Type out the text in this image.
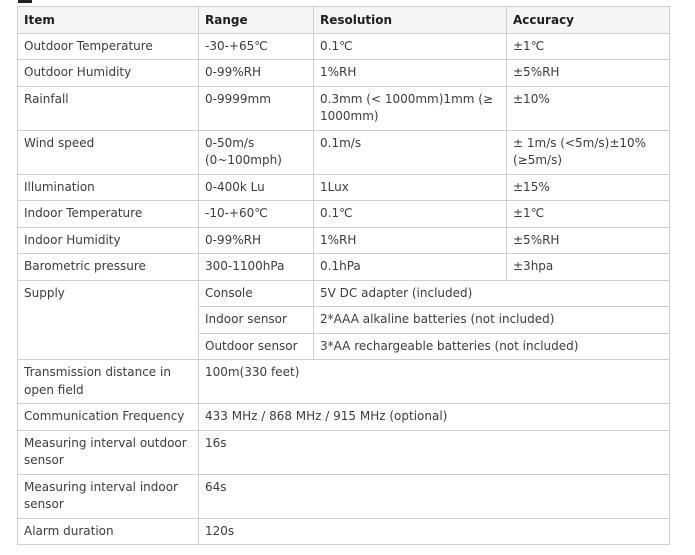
Item	Range	Resolution	Accuracy
Outdoor Temperature	-30-+65℃	0.1℃	±1℃
Outdoor Humidity	0-99%RH	1%RH	±5%RH
Rainfall	0-9999mm	0.3mm (< 1000mm)1mm (≥ 1000mm)	±10%
Wind speed	0-50m/s (0~100mph)	0.1m/s	± 1m/s (<5m/s)±10% (≥5m/s)
Illumination	0-400k Lu	1Lux	±15%
Indoor Temperature	-10-+60℃	0.1℃	±1℃
Indoor Humidity	0-99%RH	1%RH	±5%RH
Barometric pressure	300-1100hPa	0.1hPa	±3hpa
Supply	Console	5V DC adapter (included)	
	Indoor sensor	2*AAA alkaline batteries (not included)	
	Outdoor sensor	3*AA rechargeable batteries (not included)	
Transmission distance in open field	100m(330 feet)		
Communication Frequency	433 MHz / 868 MHz / 915 MHz (optional)		
Measuring interval outdoor sensor	16s		
Measuring interval indoor sensor	64s		
Alarm duration	120s		
